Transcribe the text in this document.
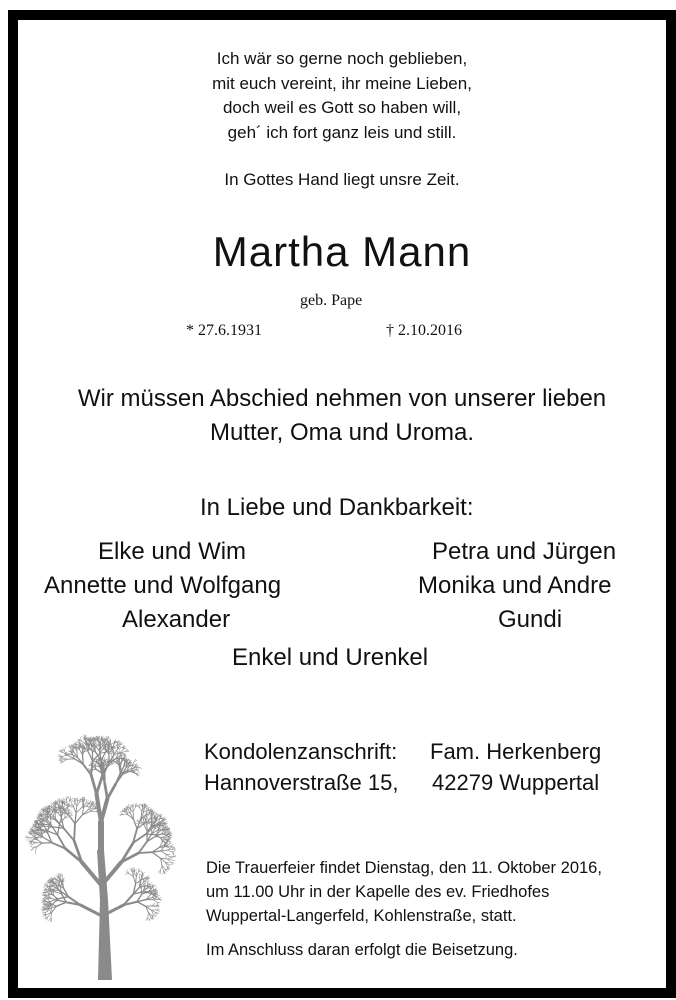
Ich wär so gerne noch geblieben,
mit euch vereint, ihr meine Lieben,
doch weil es Gott so haben will,
geh´ ich fort ganz leis und still.
In Gottes Hand liegt unsre Zeit.
Martha Mann
geb. Pape
* 27.6.1931	† 2.10.2016
Wir müssen Abschied nehmen von unserer lieben
Mutter, Oma und Uroma.
In Liebe und Dankbarkeit:
Elke und Wim
Annette und Wolfgang
Alexander
Petra und Jürgen
Monika und Andre
Gundi
Enkel und Urenkel
Kondolenzanschrift: Fam. Herkenberg
Hannoverstraße 15, 42279 Wuppertal
Die Trauerfeier findet Dienstag, den 11. Oktober 2016,
um 11.00 Uhr in der Kapelle des ev. Friedhofes
Wuppertal-Langerfeld, Kohlenstraße, statt.
Im Anschluss daran erfolgt die Beisetzung.
